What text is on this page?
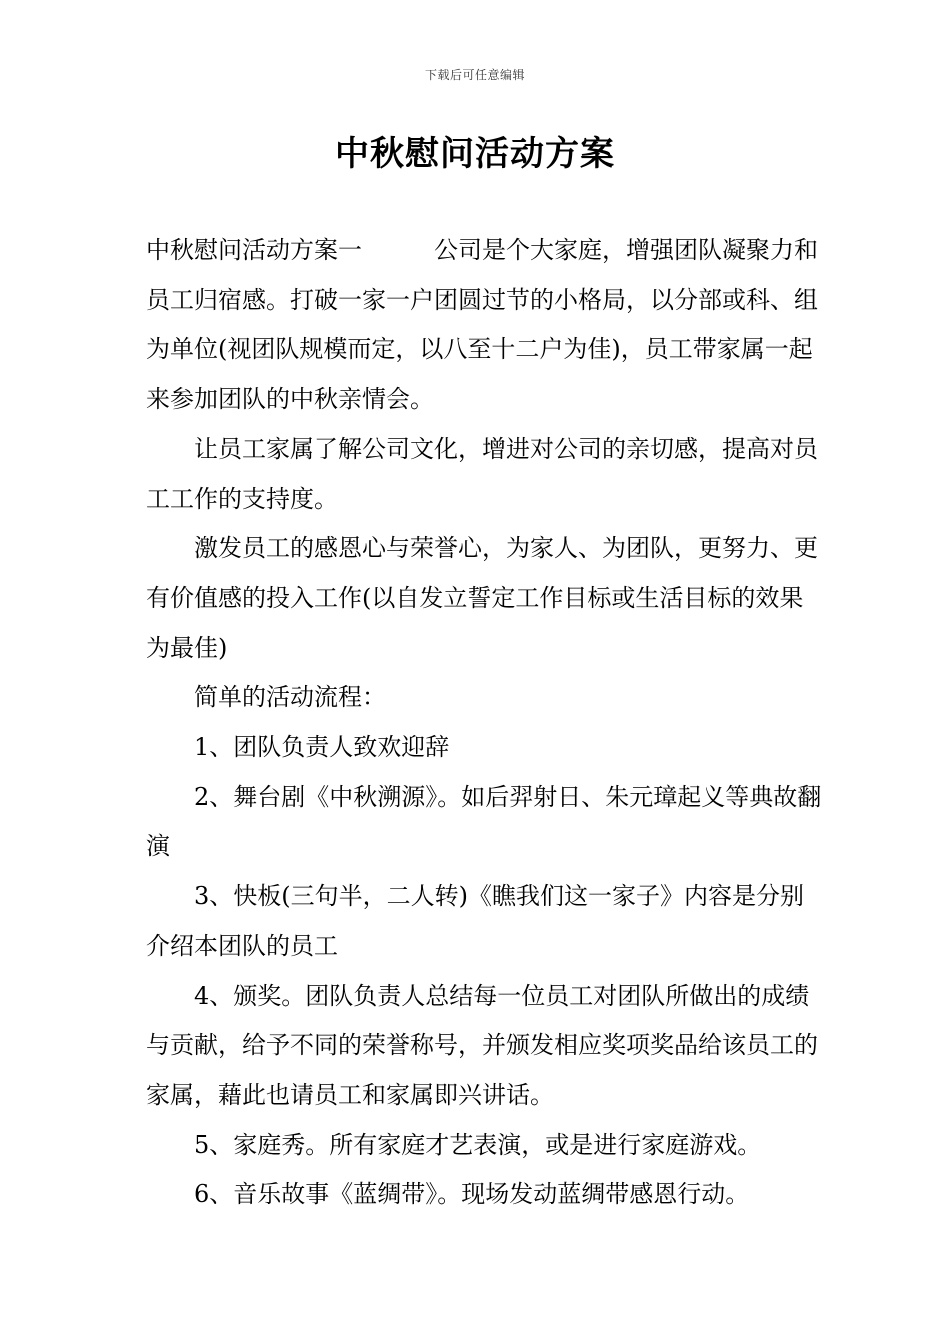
下载后可任意编辑
中秋慰问活动方案

中秋慰问活动方案一	公司是个大家庭，增强团队凝聚力和员工归宿感。打破一家一户团圆过节的小格局，以分部或科、组为单位(视团队规模而定，以八至十二户为佳)，员工带家属一起来参加团队的中秋亲情会。

让员工家属了解公司文化，增进对公司的亲切感，提高对员工工作的支持度。

激发员工的感恩心与荣誉心，为家人、为团队，更努力、更有价值感的投入工作(以自发立誓定工作目标或生活目标的效果为最佳)

简单的活动流程：

1、团队负责人致欢迎辞

2、舞台剧《中秋溯源》。如后羿射日、朱元璋起义等典故翻演

3、快板(三句半，二人转)《瞧我们这一家子》内容是分别介绍本团队的员工

4、颁奖。团队负责人总结每一位员工对团队所做出的成绩与贡献，给予不同的荣誉称号，并颁发相应奖项奖品给该员工的家属，藉此也请员工和家属即兴讲话。

5、家庭秀。所有家庭才艺表演，或是进行家庭游戏。

6、音乐故事《蓝绸带》。现场发动蓝绸带感恩行动。
